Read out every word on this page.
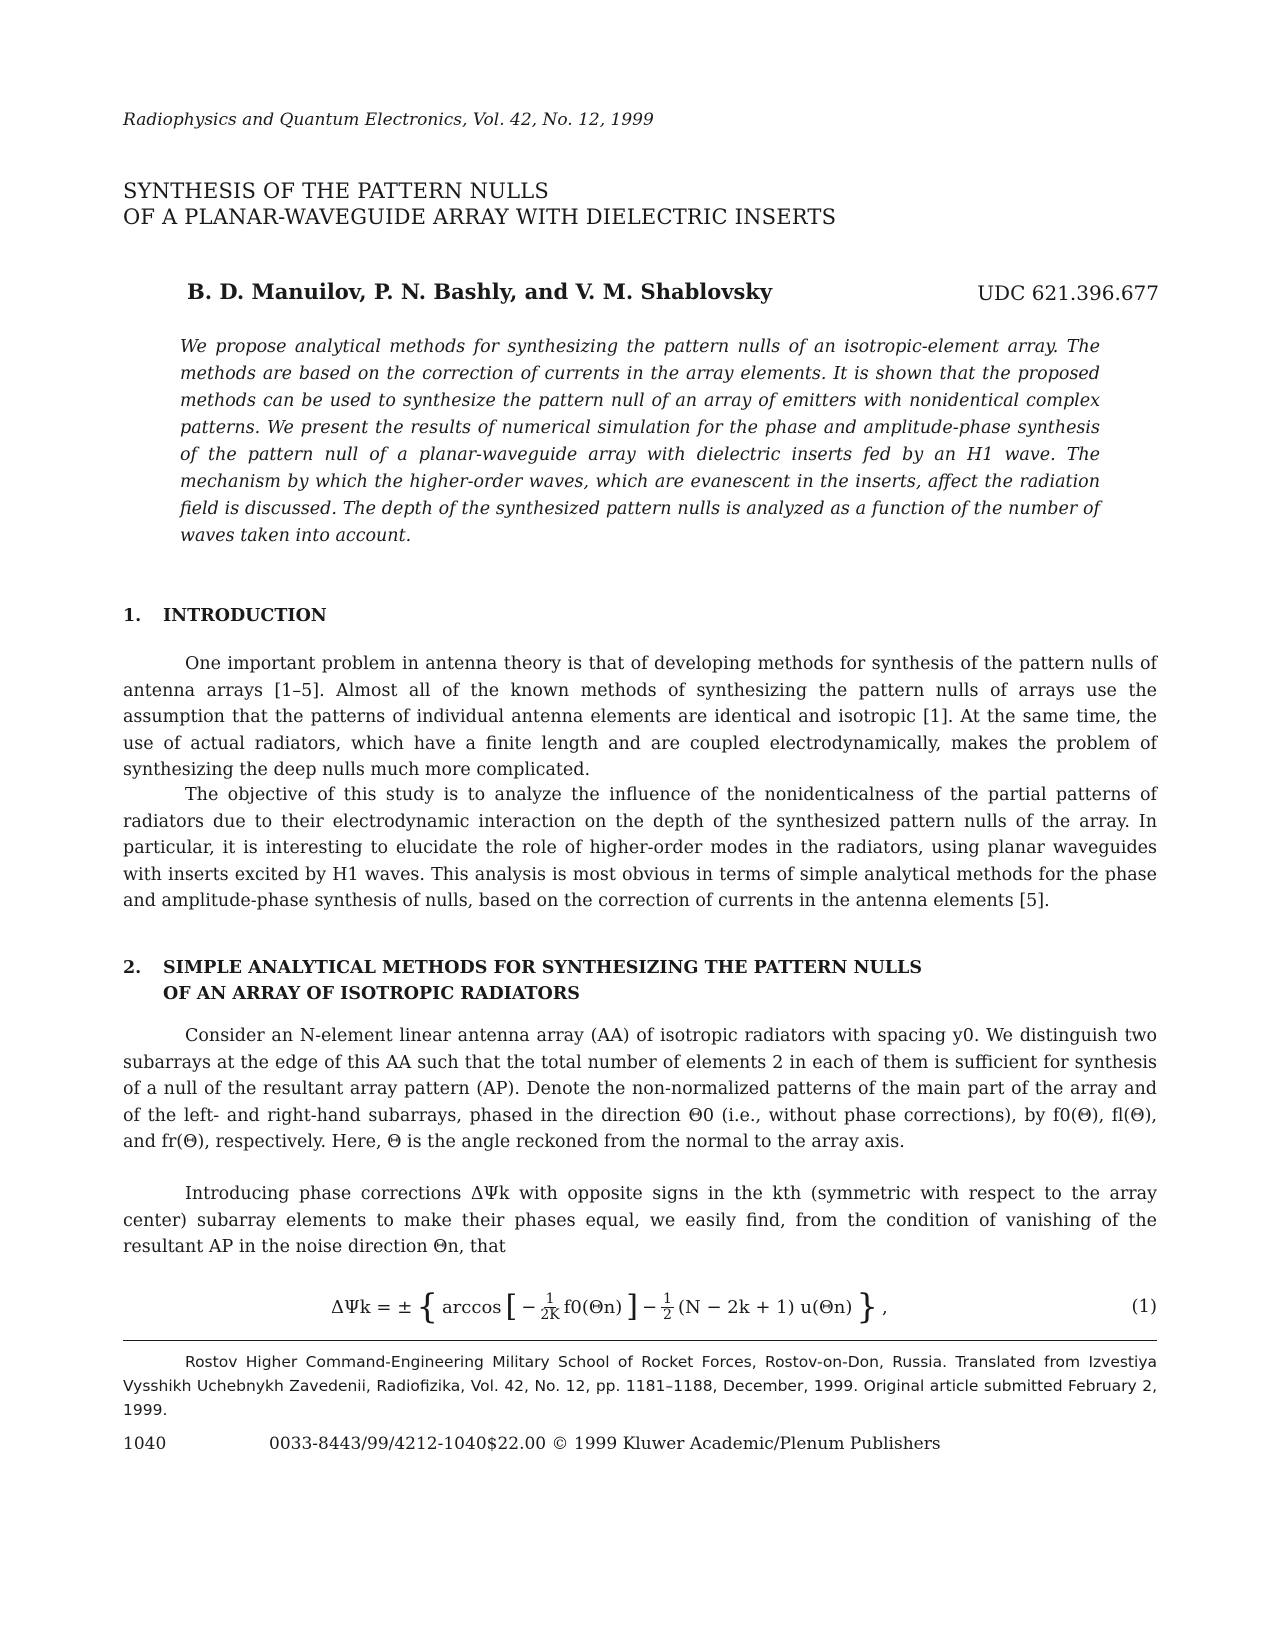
Radiophysics and Quantum Electronics, Vol. 42, No. 12, 1999
SYNTHESIS OF THE PATTERN NULLS
OF A PLANAR-WAVEGUIDE ARRAY WITH DIELECTRIC INSERTS
B. D. Manuilov, P. N. Bashly, and V. M. Shablovsky	UDC 621.396.677
We propose analytical methods for synthesizing the pattern nulls of an isotropic-element array. The methods are based on the correction of currents in the array elements. It is shown that the proposed methods can be used to synthesize the pattern null of an array of emitters with nonidentical complex patterns. We present the results of numerical simulation for the phase and amplitude-phase synthesis of the pattern null of a planar-waveguide array with dielectric inserts fed by an H1 wave. The mechanism by which the higher-order waves, which are evanescent in the inserts, affect the radiation field is discussed. The depth of the synthesized pattern nulls is analyzed as a function of the number of waves taken into account.
1. INTRODUCTION

One important problem in antenna theory is that of developing methods for synthesis of the pattern nulls of antenna arrays [1–5]. Almost all of the known methods of synthesizing the pattern nulls of arrays use the assumption that the patterns of individual antenna elements are identical and isotropic [1]. At the same time, the use of actual radiators, which have a finite length and are coupled electrodynamically, makes the problem of synthesizing the deep nulls much more complicated.

The objective of this study is to analyze the influence of the nonidenticalness of the partial patterns of radiators due to their electrodynamic interaction on the depth of the synthesized pattern nulls of the array. In particular, it is interesting to elucidate the role of higher-order modes in the radiators, using planar waveguides with inserts excited by H1 waves. This analysis is most obvious in terms of simple analytical methods for the phase and amplitude-phase synthesis of nulls, based on the correction of currents in the antenna elements [5].

2. SIMPLE ANALYTICAL METHODS FOR SYNTHESIZING THE PATTERN NULLS
OF AN ARRAY OF ISOTROPIC RADIATORS

Consider an N-element linear antenna array (AA) of isotropic radiators with spacing y0. We distinguish two subarrays at the edge of this AA such that the total number of elements 2 in each of them is sufficient for synthesis of a null of the resultant array pattern (AP). Denote the non-normalized patterns of the main part of the array and of the left- and right-hand subarrays, phased in the direction Θ0 (i.e., without phase corrections), by f0(Θ), fl(Θ), and fr(Θ), respectively. Here, Θ is the angle reckoned from the normal to the array axis.

Introducing phase corrections ΔΨk with opposite signs in the kth (symmetric with respect to the array center) subarray elements to make their phases equal, we easily find, from the condition of vanishing of the resultant AP in the noise direction Θn, that

ΔΨk = ± { arccos [ − $\frac{1}{2K} f0(\Theta n)$ ] − $\frac{1}{2} (N - 2k + 1)$ u(Θn) } ,	(1)
Rostov Higher Command-Engineering Military School of Rocket Forces, Rostov-on-Don, Russia. Translated from Izvestiya Vysshikh Uchebnykh Zavedenii, Radiofizika, Vol. 42, No. 12, pp. 1181–1188, December, 1999. Original article submitted February 2, 1999.
1040	0033-8443/99/4212-1040$22.00 © 1999 Kluwer Academic/Plenum Publishers
